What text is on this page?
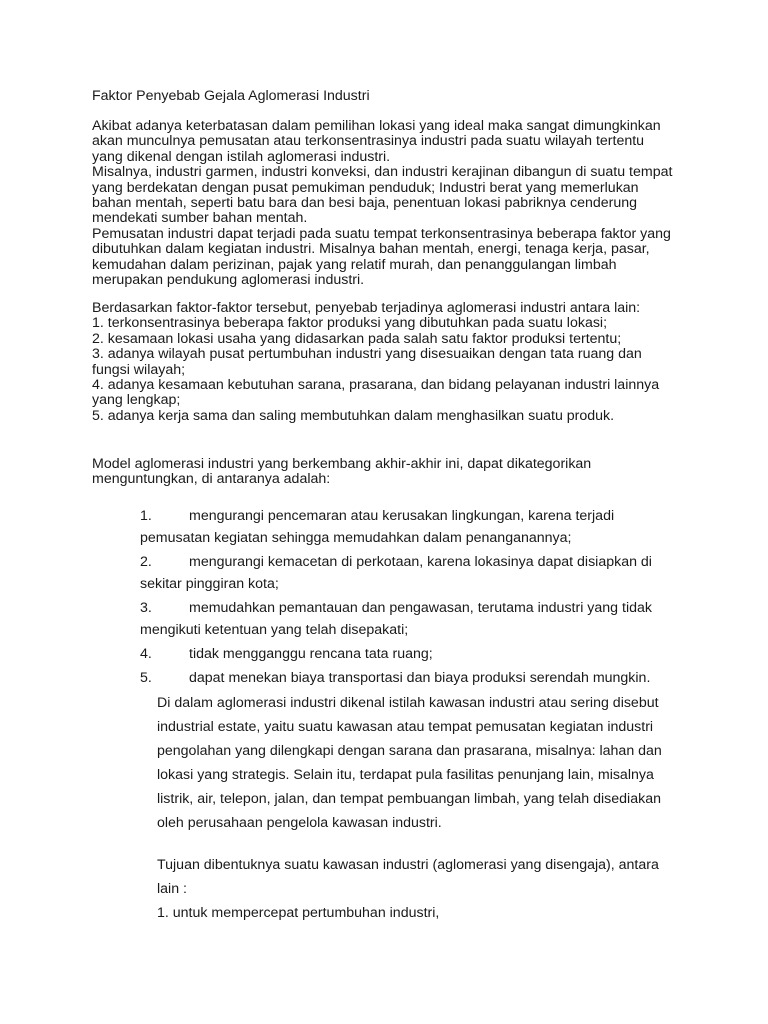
Faktor Penyebab Gejala Aglomerasi Industri

Akibat adanya keterbatasan dalam pemilihan lokasi yang ideal maka sangat dimungkinkan

akan munculnya pemusatan atau terkonsentrasinya industri pada suatu wilayah tertentu

yang dikenal dengan istilah aglomerasi industri.

Misalnya, industri garmen, industri konveksi, dan industri kerajinan dibangun di suatu tempat

yang berdekatan dengan pusat pemukiman penduduk; Industri berat yang memerlukan

bahan mentah, seperti batu bara dan besi baja, penentuan lokasi pabriknya cenderung

mendekati sumber bahan mentah.

Pemusatan industri dapat terjadi pada suatu tempat terkonsentrasinya beberapa faktor yang

dibutuhkan dalam kegiatan industri. Misalnya bahan mentah, energi, tenaga kerja, pasar,

kemudahan dalam perizinan, pajak yang relatif murah, dan penanggulangan limbah

merupakan pendukung aglomerasi industri.

Berdasarkan faktor-faktor tersebut, penyebab terjadinya aglomerasi industri antara lain:

1. terkonsentrasinya beberapa faktor produksi yang dibutuhkan pada suatu lokasi;

2. kesamaan lokasi usaha yang didasarkan pada salah satu faktor produksi tertentu;

3. adanya wilayah pusat pertumbuhan industri yang disesuaikan dengan tata ruang dan

fungsi wilayah;

4. adanya kesamaan kebutuhan sarana, prasarana, dan bidang pelayanan industri lainnya

yang lengkap;

5. adanya kerja sama dan saling membutuhkan dalam menghasilkan suatu produk.

Model aglomerasi industri yang berkembang akhir-akhir ini, dapat dikategorikan

menguntungkan, di antaranya adalah:

1.	mengurangi pencemaran atau kerusakan lingkungan, karena terjadi
pemusatan kegiatan sehingga memudahkan dalam penanganannya;
2.	mengurangi kemacetan di perkotaan, karena lokasinya dapat disiapkan di
sekitar pinggiran kota;
3.	memudahkan pemantauan dan pengawasan, terutama industri yang tidak
mengikuti ketentuan yang telah disepakati;
4.	tidak mengganggu rencana tata ruang;
5.	dapat menekan biaya transportasi dan biaya produksi serendah mungkin.

Di dalam aglomerasi industri dikenal istilah kawasan industri atau sering disebut

industrial estate, yaitu suatu kawasan atau tempat pemusatan kegiatan industri

pengolahan yang dilengkapi dengan sarana dan prasarana, misalnya: lahan dan

lokasi yang strategis. Selain itu, terdapat pula fasilitas penunjang lain, misalnya

listrik, air, telepon, jalan, dan tempat pembuangan limbah, yang telah disediakan

oleh perusahaan pengelola kawasan industri.

Tujuan dibentuknya suatu kawasan industri (aglomerasi yang disengaja), antara

lain :

1. untuk mempercepat pertumbuhan industri,
